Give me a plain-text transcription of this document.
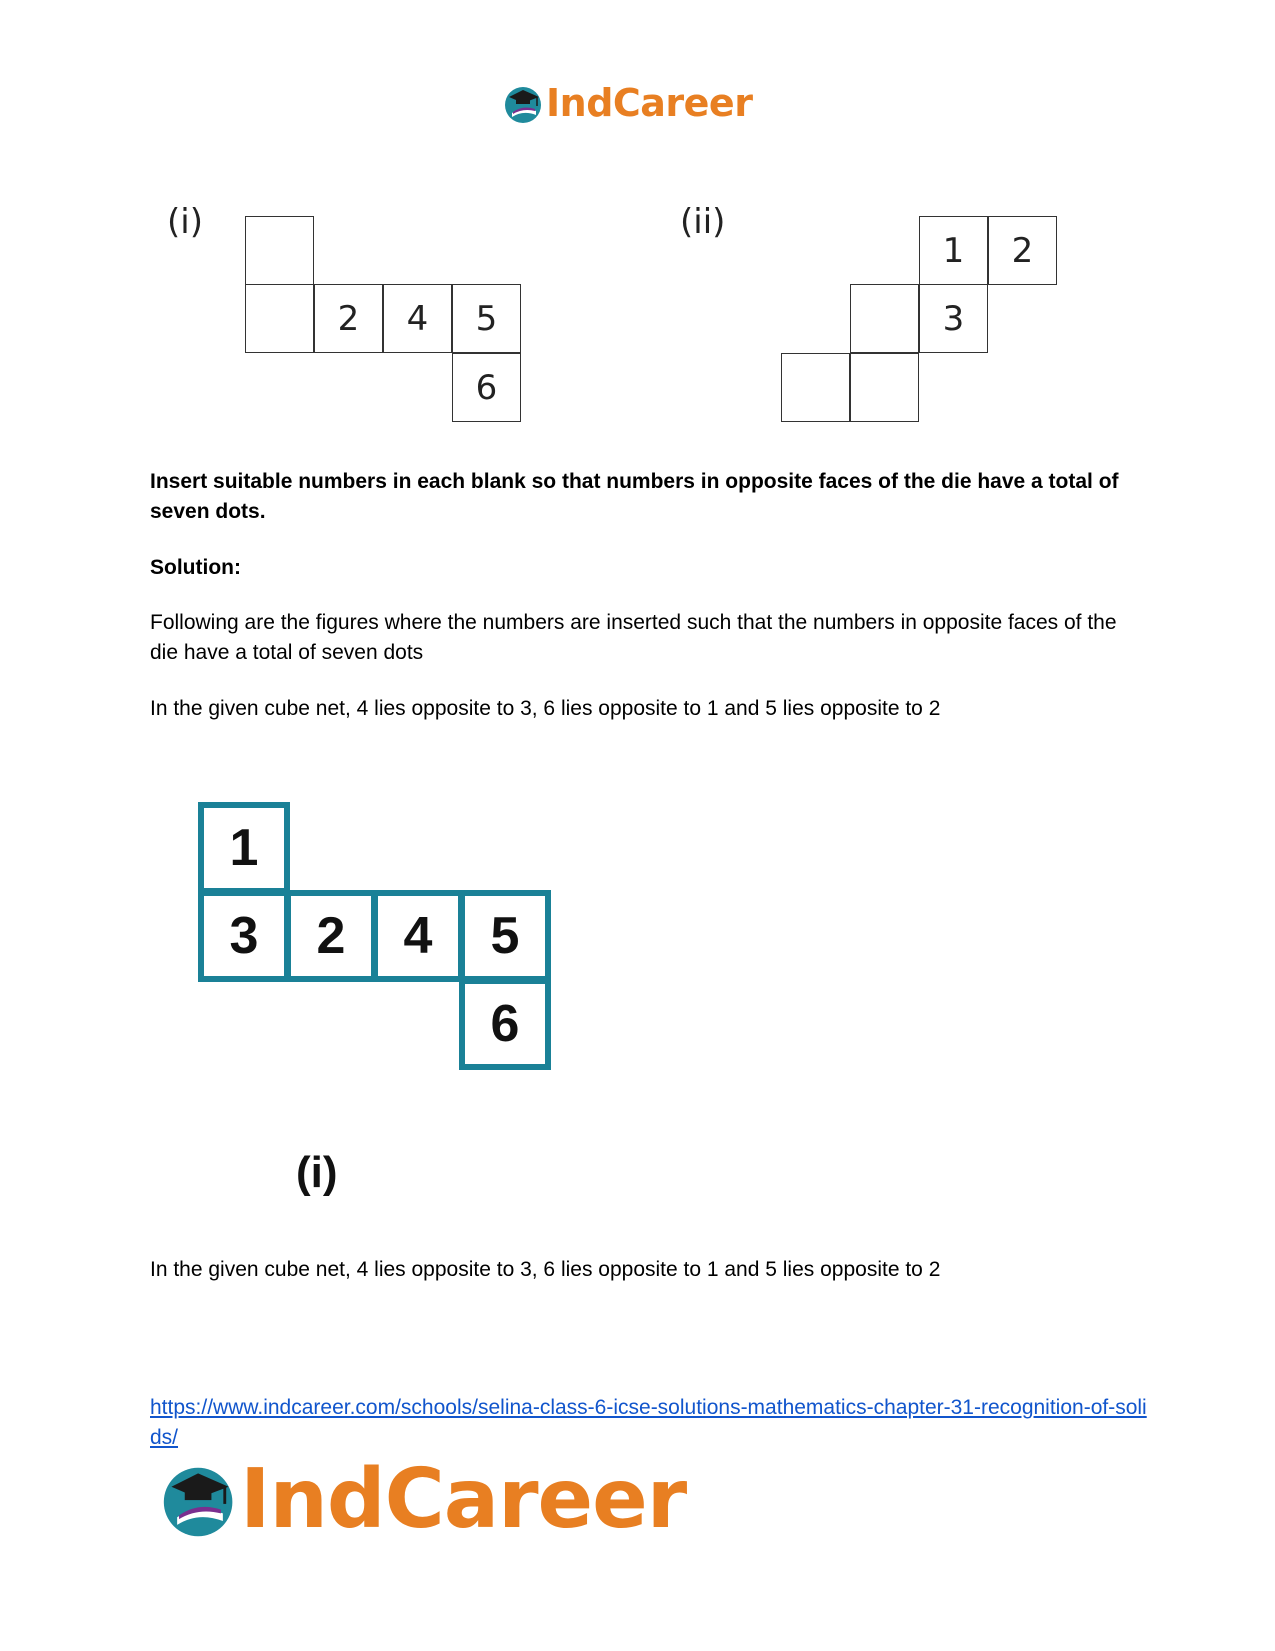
IndCareer
(i)
2	4	5
6
(ii)
1	2
3
Insert suitable numbers in each blank so that numbers in opposite faces of the die have a total of seven dots.
Solution:
Following are the figures where the numbers are inserted such that the numbers in opposite faces of the die have a total of seven dots
In the given cube net, 4 lies opposite to 3, 6 lies opposite to 1 and 5 lies opposite to 2
1
3	2	4	5
6
(i)
In the given cube net, 4 lies opposite to 3, 6 lies opposite to 1 and 5 lies opposite to 2
https://www.indcareer.com/schools/selina-class-6-icse-solutions-mathematics-chapter-31-recognition-of-solids/
IndCareer
